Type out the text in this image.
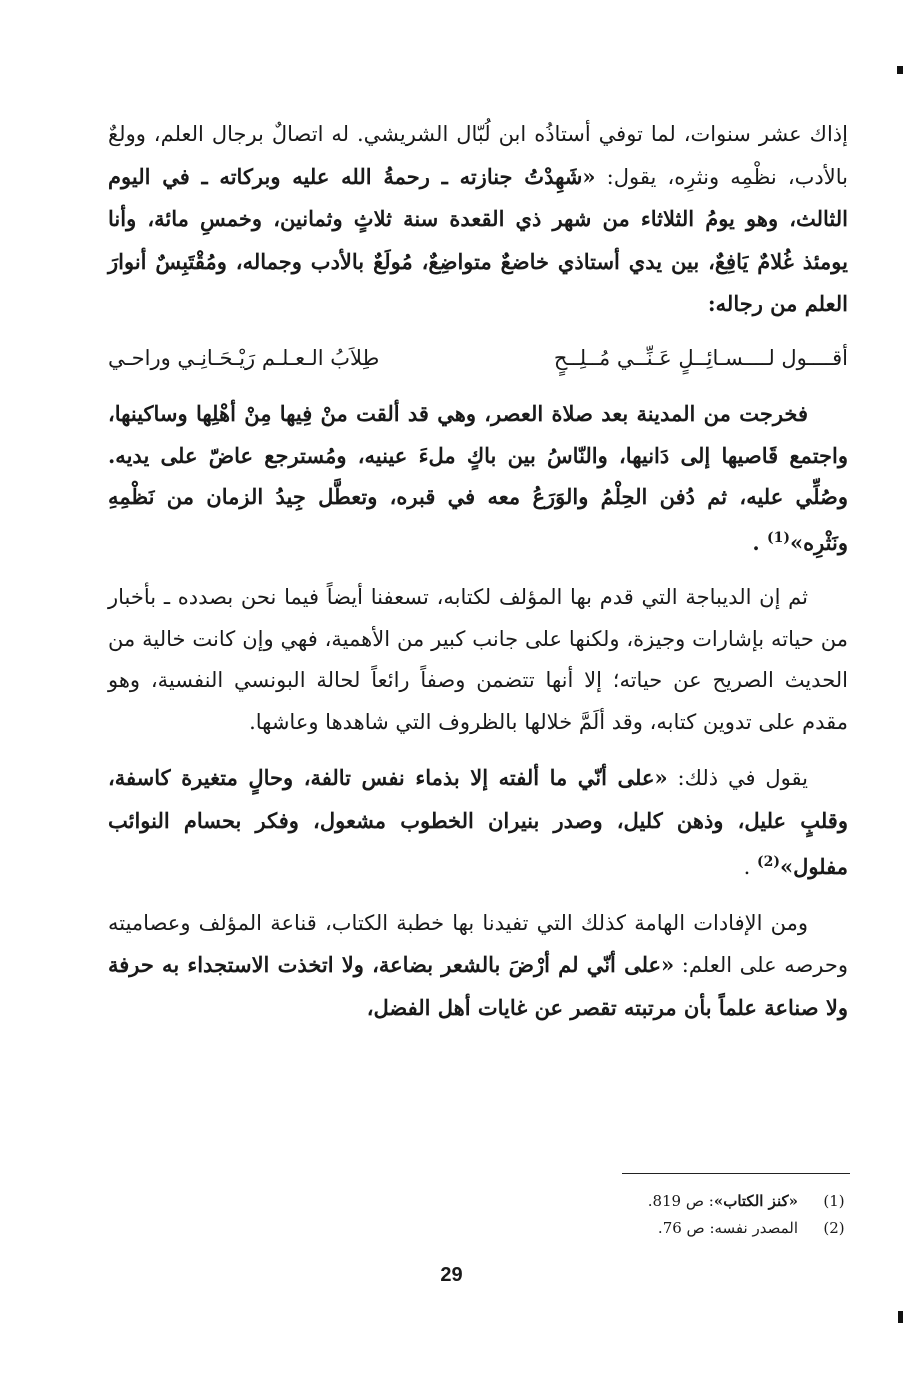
إذاك عشر سنوات، لما توفي أستاذُه ابن لُبّال الشريشي. له اتصالٌ برجال العلم، وولعٌ بالأدب، نظْمِه ونثرِه، يقول: «شَهِدْتُ جنازته ـ رحمةُ الله عليه وبركاته ـ في اليوم الثالث، وهو يومُ الثلاثاء من شهر ذي القعدة سنة ثلاثٍ وثمانين، وخمسِ مائة، وأنا يومئذ غُلامٌ يَافِعٌ، بين يدي أستاذي خاضعٌ متواضِعٌ، مُولَعٌ بالأدب وجماله، ومُقْتَبِسٌ أنوارَ العلم من رجاله:

أقــــول لــــسـائِــلٍ عَـنِّــي مُــلِــحٍ
طِلاَبُ الـعـلـم رَيْـحَـانِـي وراحـي

فخرجت من المدينة بعد صلاة العصر، وهي قد ألقت منْ فِيها مِنْ أهْلِها وساكينها، واجتمع قَاصيها إلى دَانيها، والنّاسُ بين باكٍ ملءَ عينيه، ومُسترجع عاضّ على يديه. وصُلِّي عليه، ثم دُفن الحِلْمُ والوَرَعُ معه في قبره، وتعطَّل جِيدُ الزمان من نَظْمِهِ ونَثْرِه»$^{(1)}$ .

ثم إن الديباجة التي قدم بها المؤلف لكتابه، تسعفنا أيضاً فيما نحن بصدده ـ بأخبار من حياته بإشارات وجيزة، ولكنها على جانب كبير من الأهمية، فهي وإن كانت خالية من الحديث الصريح عن حياته؛ إلا أنها تتضمن وصفاً رائعاً لحالة البونسي النفسية، وهو مقدم على تدوين كتابه، وقد ألَمَّ خلالها بالظروف التي شاهدها وعاشها.

يقول في ذلك: «على أنّي ما ألفته إلا بذماء نفس تالفة، وحالٍ متغيرة كاسفة، وقلبٍ عليل، وذهن كليل، وصدر بنيران الخطوب مشعول، وفكر بحسام النوائب مفلول»$^{(2)}$ .

ومن الإفادات الهامة كذلك التي تفيدنا بها خطبة الكتاب، قناعة المؤلف وعصاميته وحرصه على العلم: «على أنّي لم أرْضَ بالشعر بضاعة، ولا اتخذت الاستجداء به حرفة ولا صناعة علماً بأن مرتبته تقصر عن غايات أهل الفضل،

(1)
«كنز الكتاب»: ص 819.
(2)
المصدر نفسه: ص 76.
29
